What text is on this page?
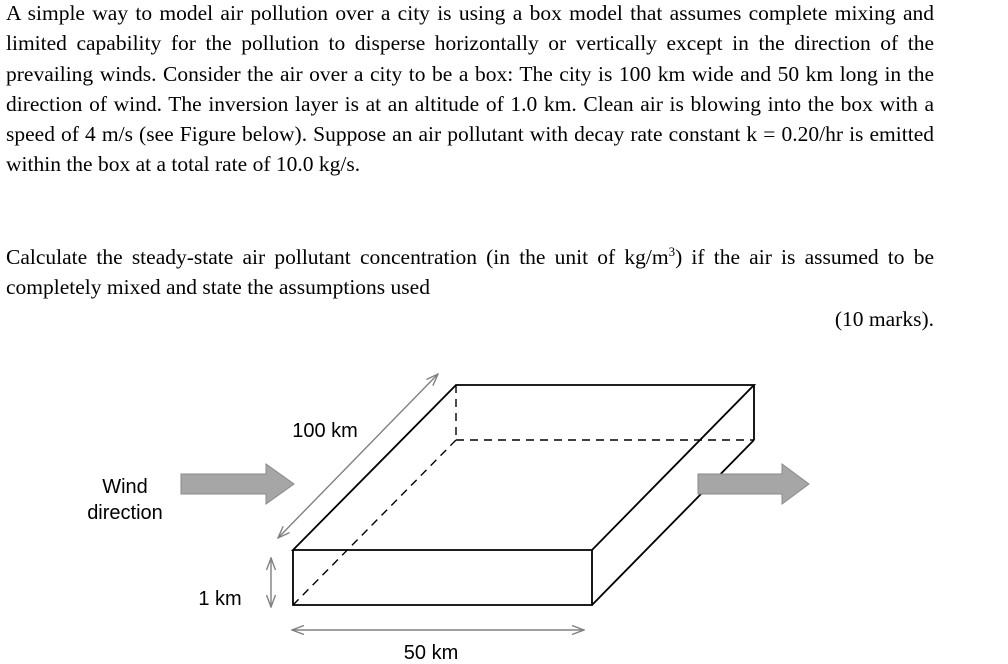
A simple way to model air pollution over a city is using a box model that assumes complete mixing and limited capability for the pollution to disperse horizontally or vertically except in the direction of the prevailing winds. Consider the air over a city to be a box: The city is 100 km wide and 50 km long in the direction of wind. The inversion layer is at an altitude of 1.0 km. Clean air is blowing into the box with a speed of 4 m/s (see Figure below). Suppose an air pollutant with decay rate constant k = 0.20/hr is emitted within the box at a total rate of 10.0 kg/s.

Calculate the steady-state air pollutant concentration (in the unit of $kg/m^3$) if the air is assumed to be completely mixed and state the assumptions used

(10 marks).

Wind
direction
100 km
1 km
50 km
